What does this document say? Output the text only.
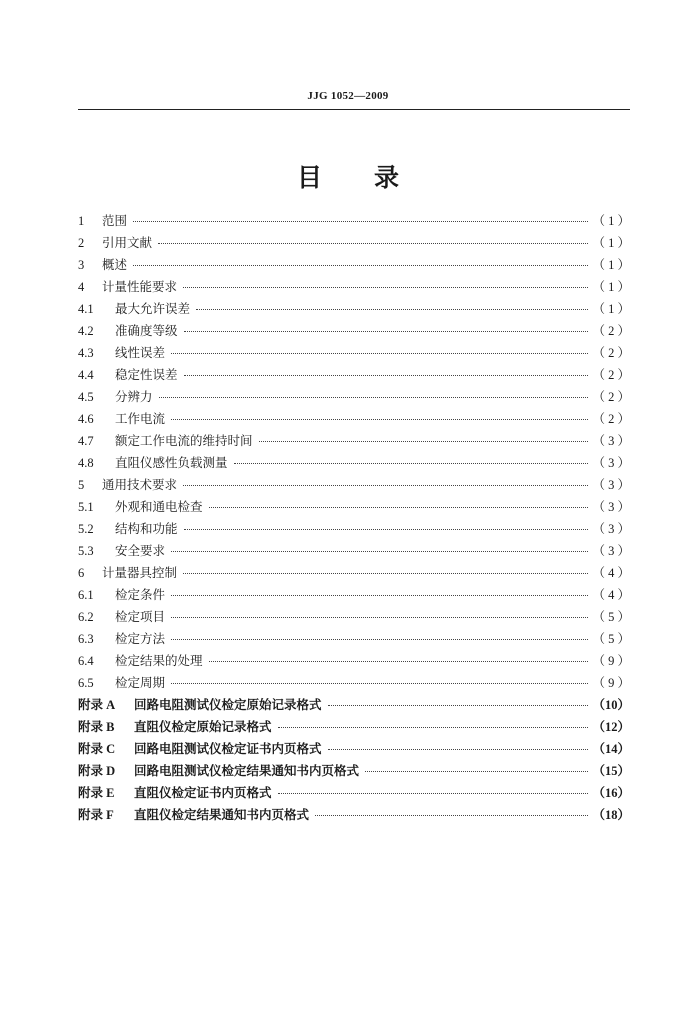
JJG 1052—2009
目 录
1	范围	（ 1 ）
2	引用文献	（ 1 ）
3	概述	（ 1 ）
4	计量性能要求	（ 1 ）
4.1	最大允许误差	（ 1 ）
4.2	准确度等级	（ 2 ）
4.3	线性误差	（ 2 ）
4.4	稳定性误差	（ 2 ）
4.5	分辨力	（ 2 ）
4.6	工作电流	（ 2 ）
4.7	额定工作电流的维持时间	（ 3 ）
4.8	直阻仪感性负载测量	（ 3 ）
5	通用技术要求	（ 3 ）
5.1	外观和通电检查	（ 3 ）
5.2	结构和功能	（ 3 ）
5.3	安全要求	（ 3 ）
6	计量器具控制	（ 4 ）
6.1	检定条件	（ 4 ）
6.2	检定项目	（ 5 ）
6.3	检定方法	（ 5 ）
6.4	检定结果的处理	（ 9 ）
6.5	检定周期	（ 9 ）
附录 A	回路电阻测试仪检定原始记录格式	（10）
附录 B	直阻仪检定原始记录格式	（12）
附录 C	回路电阻测试仪检定证书内页格式	（14）
附录 D	回路电阻测试仪检定结果通知书内页格式	（15）
附录 E	直阻仪检定证书内页格式	（16）
附录 F	直阻仪检定结果通知书内页格式	（18）
